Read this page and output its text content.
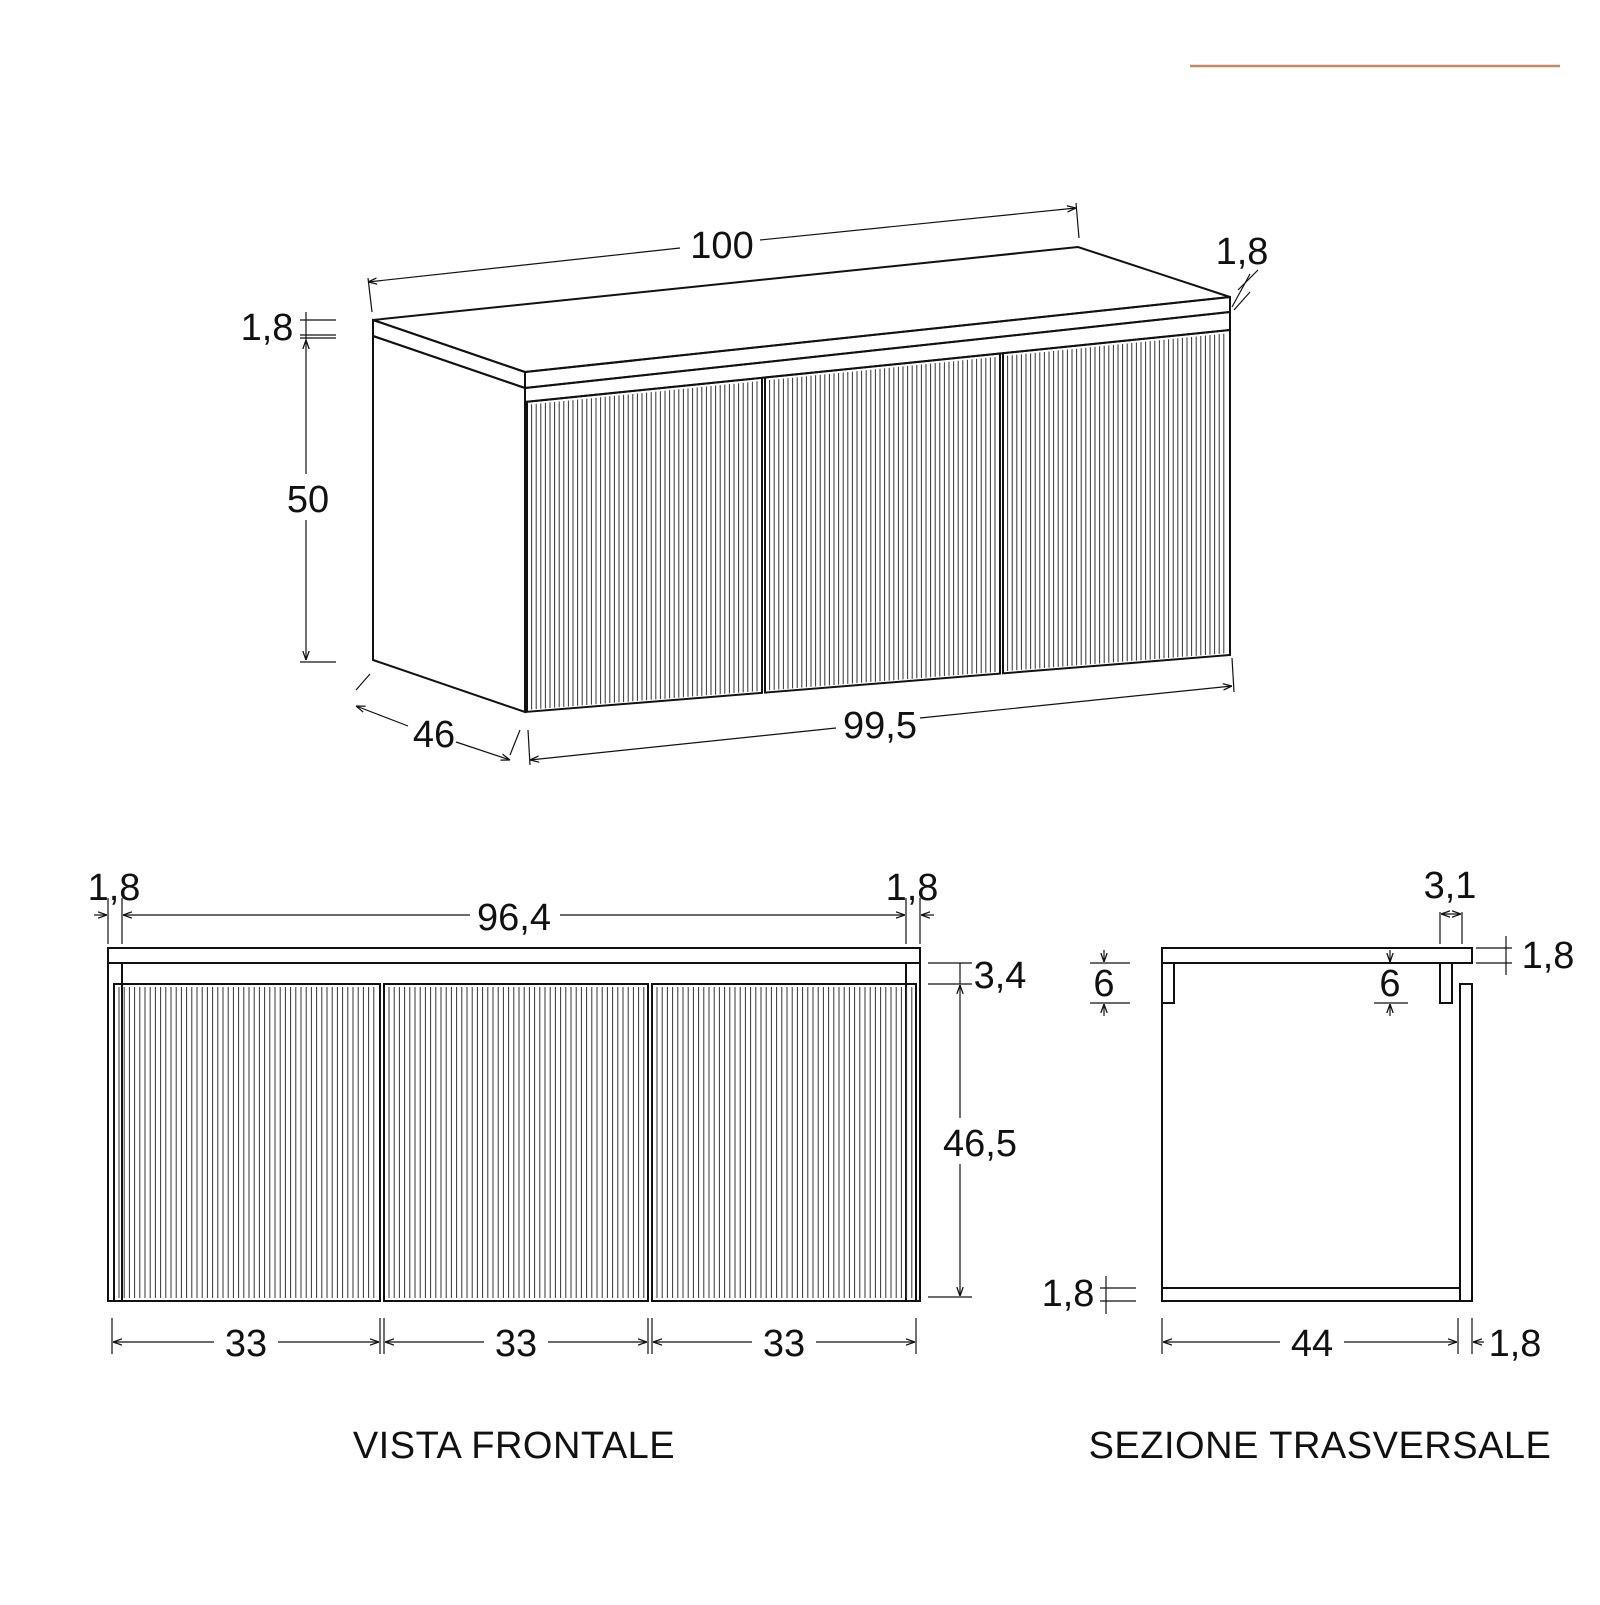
100	1,8
1,8
50
46	99,5
1,8
96,4
1,8
3,4
46,5
33	33	33
VISTA FRONTALE
3,1
1,8
6	6
1,8
44	1,8
SEZIONE TRASVERSALE
